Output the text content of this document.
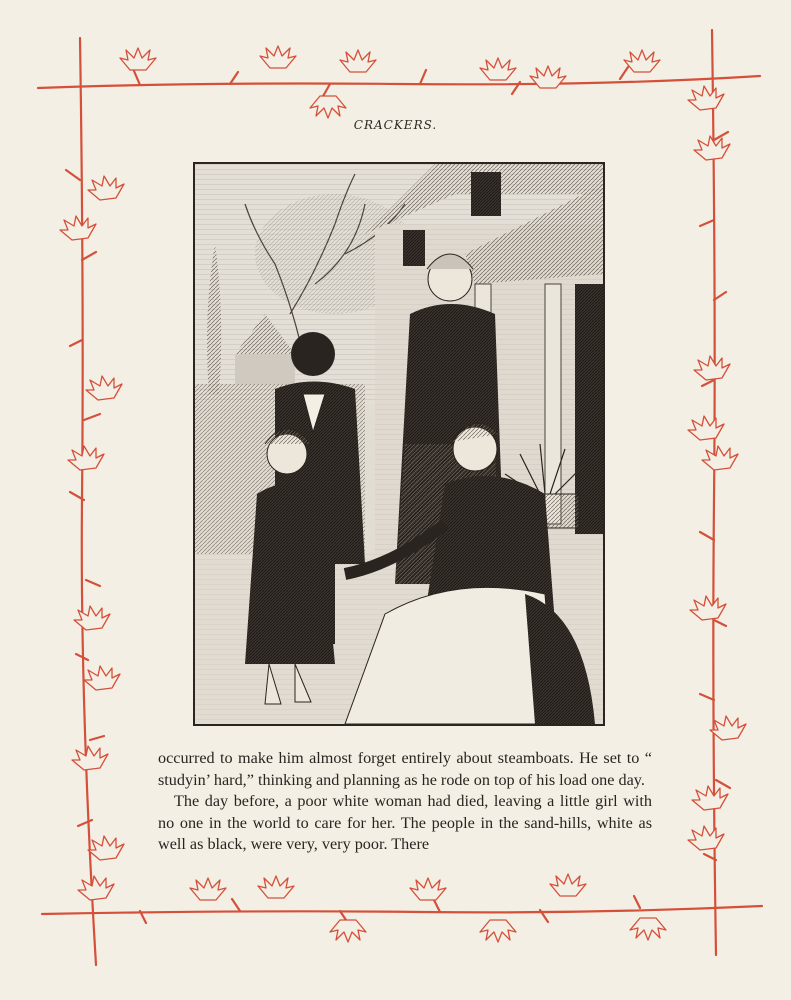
CRACKERS.

occurred to make him almost forget entirely about steamboats. He set to “ studyin’ hard,” thinking and planning as he rode on top of his load one day.

The day before, a poor white woman had died, leaving a little girl with no one in the world to care for her. The people in the sand-hills, white as well as black, were very, very poor. There
